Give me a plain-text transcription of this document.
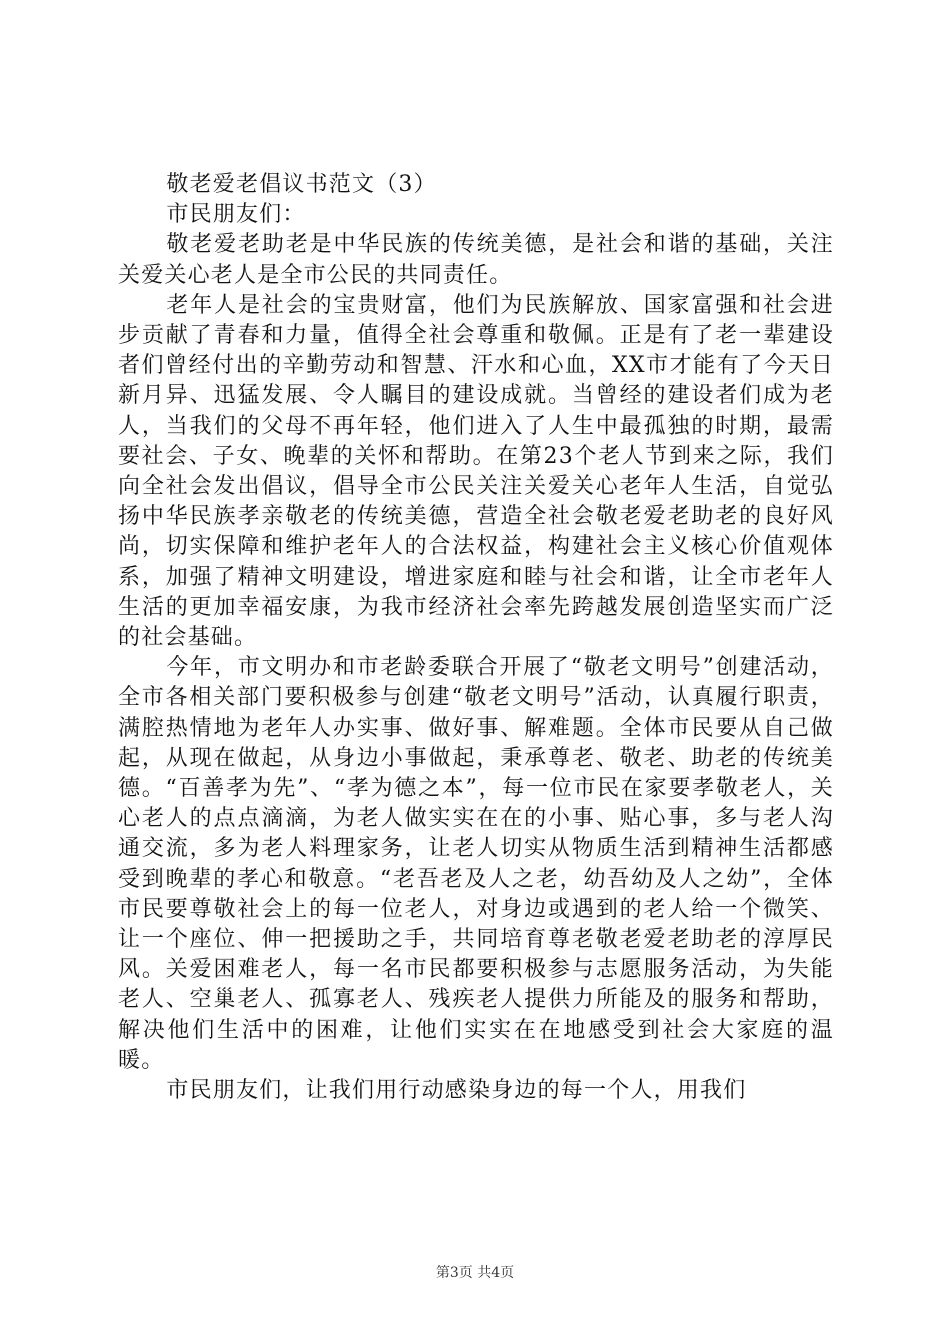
敬老爱老倡议书范文（3）

市民朋友们：

敬老爱老助老是中华民族的传统美德，是社会和谐的基础，关注关爱关心老人是全市公民的共同责任。

老年人是社会的宝贵财富，他们为民族解放、国家富强和社会进步贡献了青春和力量，值得全社会尊重和敬佩。正是有了老一辈建设者们曾经付出的辛勤劳动和智慧、汗水和心血，XX市才能有了今天日新月异、迅猛发展、令人瞩目的建设成就。当曾经的建设者们成为老人，当我们的父母不再年轻，他们进入了人生中最孤独的时期，最需要社会、子女、晚辈的关怀和帮助。在第23个老人节到来之际，我们向全社会发出倡议，倡导全市公民关注关爱关心老年人生活，自觉弘扬中华民族孝亲敬老的传统美德，营造全社会敬老爱老助老的良好风尚，切实保障和维护老年人的合法权益，构建社会主义核心价值观体系，加强了精神文明建设，增进家庭和睦与社会和谐，让全市老年人生活的更加幸福安康，为我市经济社会率先跨越发展创造坚实而广泛的社会基础。

今年，市文明办和市老龄委联合开展了“敬老文明号”创建活动，全市各相关部门要积极参与创建“敬老文明号”活动，认真履行职责，满腔热情地为老年人办实事、做好事、解难题。全体市民要从自己做起，从现在做起，从身边小事做起，秉承尊老、敬老、助老的传统美德。“百善孝为先”、“孝为德之本”，每一位市民在家要孝敬老人，关心老人的点点滴滴，为老人做实实在在的小事、贴心事，多与老人沟通交流，多为老人料理家务，让老人切实从物质生活到精神生活都感受到晚辈的孝心和敬意。“老吾老及人之老，幼吾幼及人之幼”，全体市民要尊敬社会上的每一位老人，对身边或遇到的老人给一个微笑、让一个座位、伸一把援助之手，共同培育尊老敬老爱老助老的淳厚民风。关爱困难老人，每一名市民都要积极参与志愿服务活动，为失能老人、空巢老人、孤寡老人、残疾老人提供力所能及的服务和帮助，解决他们生活中的困难，让他们实实在在地感受到社会大家庭的温暖。

市民朋友们，让我们用行动感染身边的每一个人，用我们

第3页 共4页
